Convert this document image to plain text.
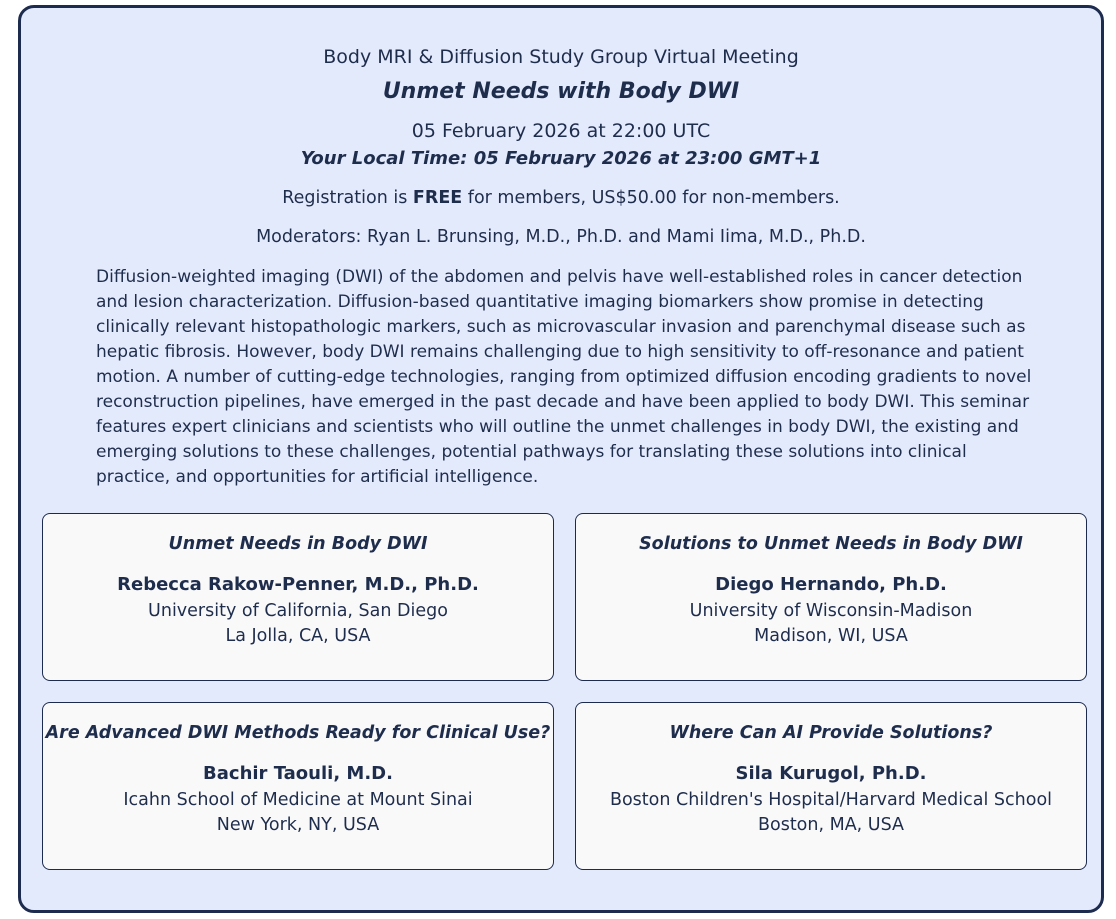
Body MRI & Diffusion Study Group Virtual Meeting
Unmet Needs with Body DWI
05 February 2026 at 22:00 UTC
Your Local Time: 05 February 2026 at 23:00 GMT+1
Registration is FREE for members, US$50.00 for non-members.
Moderators: Ryan L. Brunsing, M.D., Ph.D. and Mami Iima, M.D., Ph.D.

Diffusion-weighted imaging (DWI) of the abdomen and pelvis have well-established roles in cancer detection and lesion characterization. Diffusion-based quantitative imaging biomarkers show promise in detecting clinically relevant histopathologic markers, such as microvascular invasion and parenchymal disease such as hepatic fibrosis. However, body DWI remains challenging due to high sensitivity to off-resonance and patient motion. A number of cutting-edge technologies, ranging from optimized diffusion encoding gradients to novel reconstruction pipelines, have emerged in the past decade and have been applied to body DWI. This seminar features expert clinicians and scientists who will outline the unmet challenges in body DWI, the existing and emerging solutions to these challenges, potential pathways for translating these solutions into clinical practice, and opportunities for artificial intelligence.

Unmet Needs in Body DWI
Rebecca Rakow-Penner, M.D., Ph.D.
University of California, San Diego
La Jolla, CA, USA
Solutions to Unmet Needs in Body DWI
Diego Hernando, Ph.D.
University of Wisconsin-Madison
Madison, WI, USA
Are Advanced DWI Methods Ready for Clinical Use?
Bachir Taouli, M.D.
Icahn School of Medicine at Mount Sinai
New York, NY, USA
Where Can AI Provide Solutions?
Sila Kurugol, Ph.D.
Boston Children's Hospital/Harvard Medical School
Boston, MA, USA
